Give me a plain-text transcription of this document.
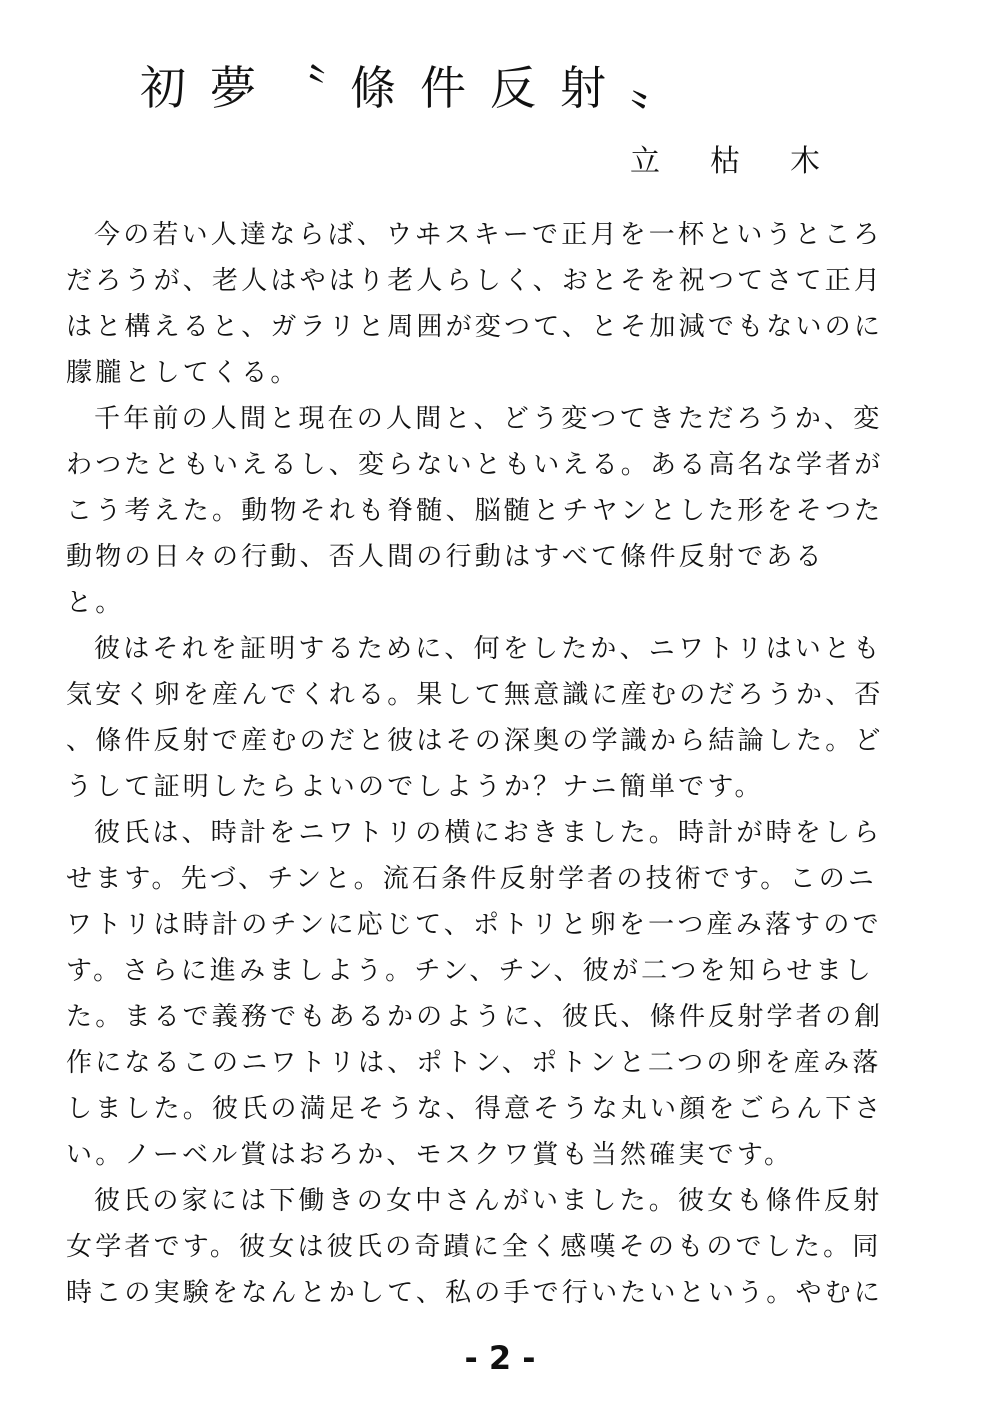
初夢〝條件反射〟

立枯木

今の若い人達ならば、ウヰスキーで正月を一杯というところ
だろうが、老人はやはり老人らしく、おとそを祝つてさて正月
はと構えると、ガラリと周囲が変つて、とそ加減でもないのに
朦朧としてくる。

千年前の人間と現在の人間と、どう変つてきただろうか、変
わつたともいえるし、変らないともいえる。ある高名な学者が
こう考えた。動物それも脊髄、脳髄とチヤンとした形をそつた
動物の日々の行動、否人間の行動はすべて條件反射である
と。

彼はそれを証明するために、何をしたか、ニワトリはいとも
気安く卵を産んでくれる。果して無意識に産むのだろうか、否
、條件反射で産むのだと彼はその深奥の学識から結論した。ど
うして証明したらよいのでしようか？ナニ簡単です。

彼氏は、時計をニワトリの横におきました。時計が時をしら
せます。先づ、チンと。流石条件反射学者の技術です。このニ
ワトリは時計のチンに応じて、ポトリと卵を一つ産み落すので
す。さらに進みましよう。チン、チン、彼が二つを知らせまし
た。まるで義務でもあるかのように、彼氏、條件反射学者の創
作になるこのニワトリは、ポトン、ポトンと二つの卵を産み落
しました。彼氏の満足そうな、得意そうな丸い顔をごらん下さ
い。ノーベル賞はおろか、モスクワ賞も当然確実です。

彼氏の家には下働きの女中さんがいました。彼女も條件反射
女学者です。彼女は彼氏の奇蹟に全く感嘆そのものでした。同
時この実験をなんとかして、私の手で行いたいという。やむに

- 2 -
